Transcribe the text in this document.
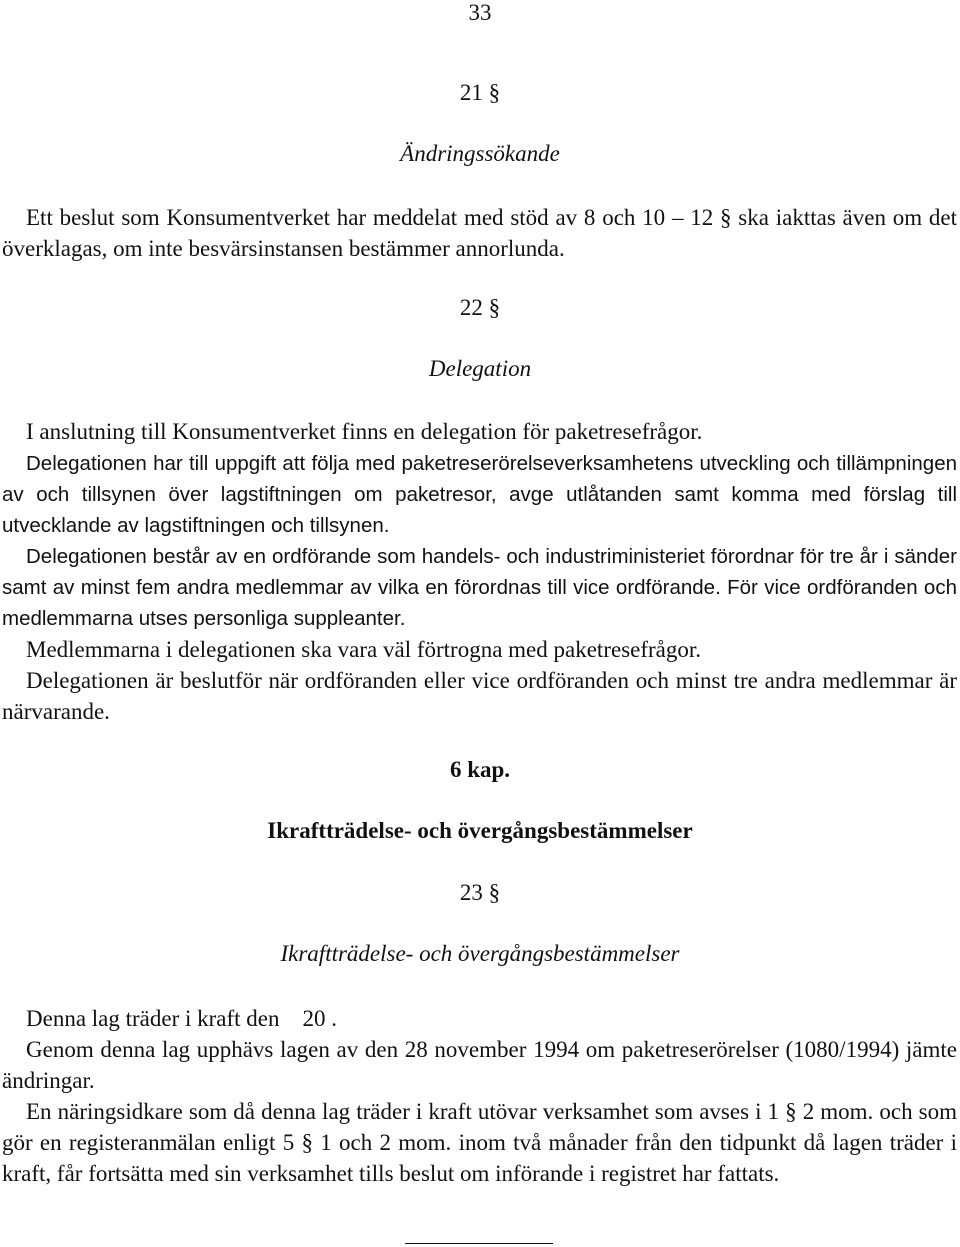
33
21 §
Ändringssökande

Ett beslut som Konsumentverket har meddelat med stöd av 8 och 10 – 12 § ska iakttas även om det överklagas, om inte besvärsinstansen bestämmer annorlunda.

22 §
Delegation

I anslutning till Konsumentverket finns en delegation för paketresefrågor.

Delegationen har till uppgift att följa med paketreserörelseverksamhetens utveckling och tillämpningen av och tillsynen över lagstiftningen om paketresor, avge utlåtanden samt komma med förslag till utvecklande av lagstiftningen och tillsynen.

Delegationen består av en ordförande som handels- och industriministeriet förordnar för tre år i sänder samt av minst fem andra medlemmar av vilka en förordnas till vice ordförande. För vice ordföranden och medlemmarna utses personliga suppleanter.

Medlemmarna i delegationen ska vara väl förtrogna med paketresefrågor.

Delegationen är beslutför när ordföranden eller vice ordföranden och minst tre andra medlemmar är närvarande.

6 kap.
Ikraftträdelse- och övergångsbestämmelser
23 §
Ikraftträdelse- och övergångsbestämmelser

Denna lag träder i kraft den    20 .

Genom denna lag upphävs lagen av den 28 november 1994 om paketreserörelser (1080/1994) jämte ändringar.

En näringsidkare som då denna lag träder i kraft utövar verksamhet som avses i 1 § 2 mom. och som gör en registeranmälan enligt 5 § 1 och 2 mom. inom två månader från den tidpunkt då lagen träder i kraft, får fortsätta med sin verksamhet tills beslut om införande i registret har fattats.
